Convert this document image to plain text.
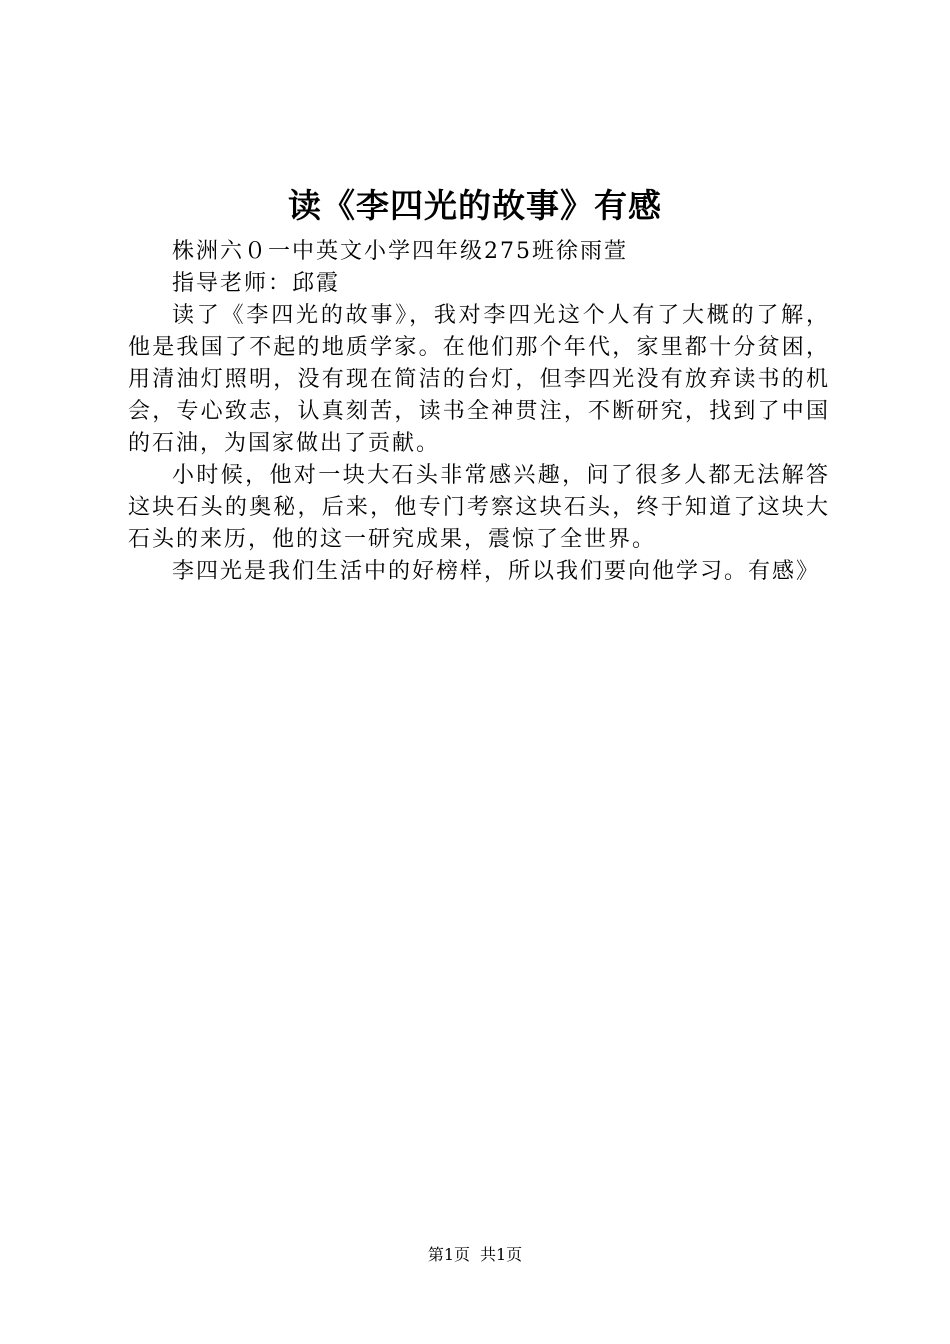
读《李四光的故事》有感

株洲六０一中英文小学四年级275班徐雨萱

指导老师：邱霞

读了《李四光的故事》，我对李四光这个人有了大概的了解，他是我国了不起的地质学家。在他们那个年代，家里都十分贫困，用清油灯照明，没有现在简洁的台灯，但李四光没有放弃读书的机会，专心致志，认真刻苦，读书全神贯注，不断研究，找到了中国的石油，为国家做出了贡献。

小时候，他对一块大石头非常感兴趣，问了很多人都无法解答这块石头的奥秘，后来，他专门考察这块石头，终于知道了这块大石头的来历，他的这一研究成果，震惊了全世界。

李四光是我们生活中的好榜样，所以我们要向他学习。有感》

第1页 共1页
